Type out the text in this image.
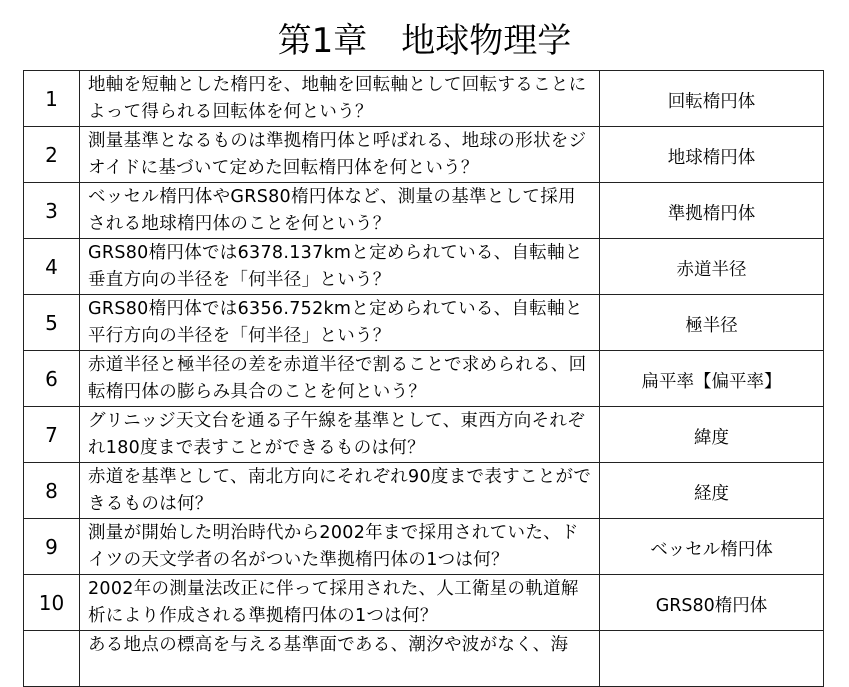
第1章　地球物理学
1	地軸を短軸とした楕円を、地軸を回転軸として回転することによって得られる回転体を何という？	回転楕円体
2	測量基準となるものは準拠楕円体と呼ばれる、地球の形状をジオイドに基づいて定めた回転楕円体を何という？	地球楕円体
3	ベッセル楕円体やGRS80楕円体など、測量の基準として採用される地球楕円体のことを何という？	準拠楕円体
4	GRS80楕円体では6378.137kmと定められている、自転軸と垂直方向の半径を「何半径」という？	赤道半径
5	GRS80楕円体では6356.752kmと定められている、自転軸と平行方向の半径を「何半径」という？	極半径
6	赤道半径と極半径の差を赤道半径で割ることで求められる、回転楕円体の膨らみ具合のことを何という？	扁平率【偏平率】
7	グリニッジ天文台を通る子午線を基準として、東西方向それぞれ180度まで表すことができるものは何？	緯度
8	赤道を基準として、南北方向にそれぞれ90度まで表すことができるものは何？	経度
9	測量が開始した明治時代から2002年まで採用されていた、ドイツの天文学者の名がついた準拠楕円体の1つは何？	ベッセル楕円体
10	2002年の測量法改正に伴って採用された、人工衛星の軌道解析により作成される準拠楕円体の1つは何？	GRS80楕円体

	ある地点の標高を与える基準面である、潮汐や波がなく、海	
